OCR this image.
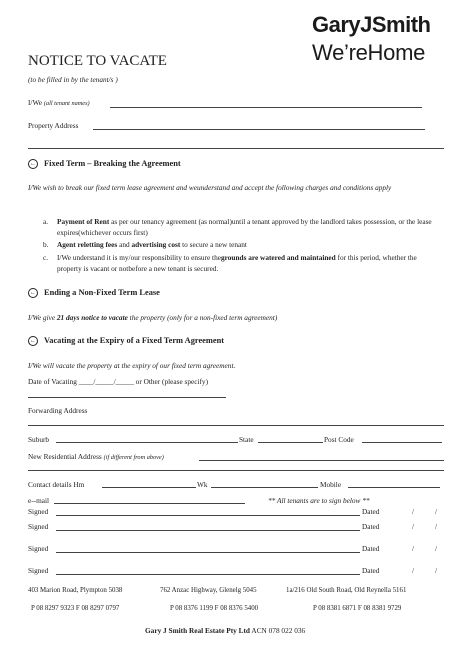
GaryJSmith
We’reHome
NOTICE TO VACATE
(to be filled in by the tenant/s )
I/We (all tenant names)
Property Address
← Fixed Term – Breaking the Agreement
I/We wish to break our fixed term lease agreement and weunderstand and accept the following charges and conditions apply
a. Payment of Rent as per our tenancy agreement (as normal)until a tenant approved by the landlord takes possession, or the lease expires(whichever occurs first)
b. Agent reletting fees and advertising cost to secure a new tenant
c. I/We understand it is my/our responsibility to ensure thegrounds are watered and maintained for this period, whether the property is vacant or notbefore a new tenant is secured.
← Ending a Non-Fixed Term Lease
I/We give 21 days notice to vacate the property (only for a non-fixed term agreement)
← Vacating at the Expiry of a Fixed Term Agreement
I/We will vacate the property at the expiry of our fixed term agreement.
Date of Vacating ____/_____/_____ or Other (please specify)
Forwarding Address
Suburb	State	Post Code
New Residential Address (if different from above)
Contact details Hm	Wk	Mobile
e--mail	** All tenants are to sign below **
Signed	Dated	/	/
Signed	Dated	/	/
Signed	Dated	/	/
Signed	Dated	/	/
403 Marion Road, Plympton 5038	762 Anzac Highway, Glenelg 5045	1a/216 Old South Road, Old Reynella 5161
P 08 8297 9323 F 08 8297 0797	P 08 8376 1199 F 08 8376 5400	P 08 8381 6871 F 08 8381 9729
Gary J Smith Real Estate Pty Ltd ACN 078 022 036
